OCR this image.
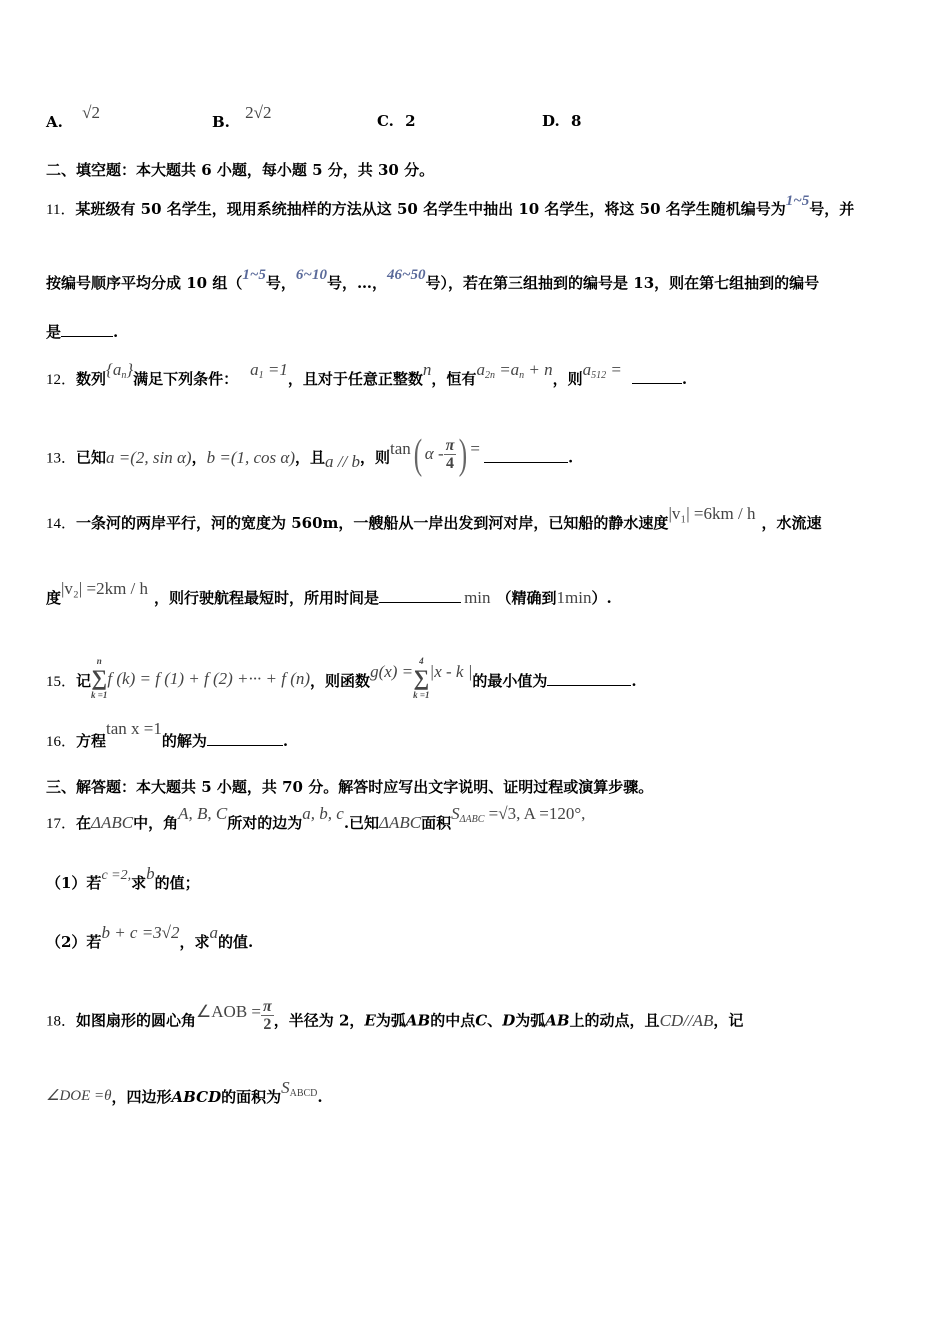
A. √2	B. 2√2	C. 2	D. 8
二、填空题：本大题共 6 小题，每小题 5 分，共 30 分。
11．某班级有 50 名学生，现用系统抽样的方法从这 50 名学生中抽出 10 名学生，将这 50 名学生随机编号为1~5号，并
按编号顺序平均分成 10 组（1~5号，6~10号，…，46~50号），若在第三组抽到的编号是 13，则在第七组抽到的编号
是	.
12．数列$\{a_n\}$满足下列条件： $a_1 =1$，且对于任意正整数n，恒有$a_{2n} =a_n + n$，则$a_{512}$ =	.
13．已知a =(2, sin α)，b =(1, cos α)，且a // b，则tan( α - $\frac{\pi}{4}$ ) =	.
14．一条河的两岸平行，河的宽度为 560m，一艘船从一岸出发到河对岸，已知船的静水速度|v₁| =6km / h ，水流速
度|v₂| =2km / h ，则行驶航程最短时，所用时间是	min （精确到1min）.
15．记
n
∑
k =1
f (k) = f (1) + f (2) +··· + f (n)，则函数g(x) =
4
∑
k =1
|x - k |的最小值为	.
16．方程tan x =1的解为	.
三、解答题：本大题共 5 小题，共 70 分。解答时应写出文字说明、证明过程或演算步骤。
17．在ΔABC中，角A, B, C所对的边为a, b, c.已知ΔABC面积$S_{\Delta ABC} =√3$, A =120°,
（1）若c =2,求b的值；
（2）若b + c =3√2，求a的值.
18．如图扇形的圆心角∠AOB = $\frac{\pi}{2}$ ，半径为 2，E为弧AB的中点C、D为弧AB上的动点，且CD//AB，记
∠DOE =θ，四边形ABCD的面积为$S_{ABCD}$.
